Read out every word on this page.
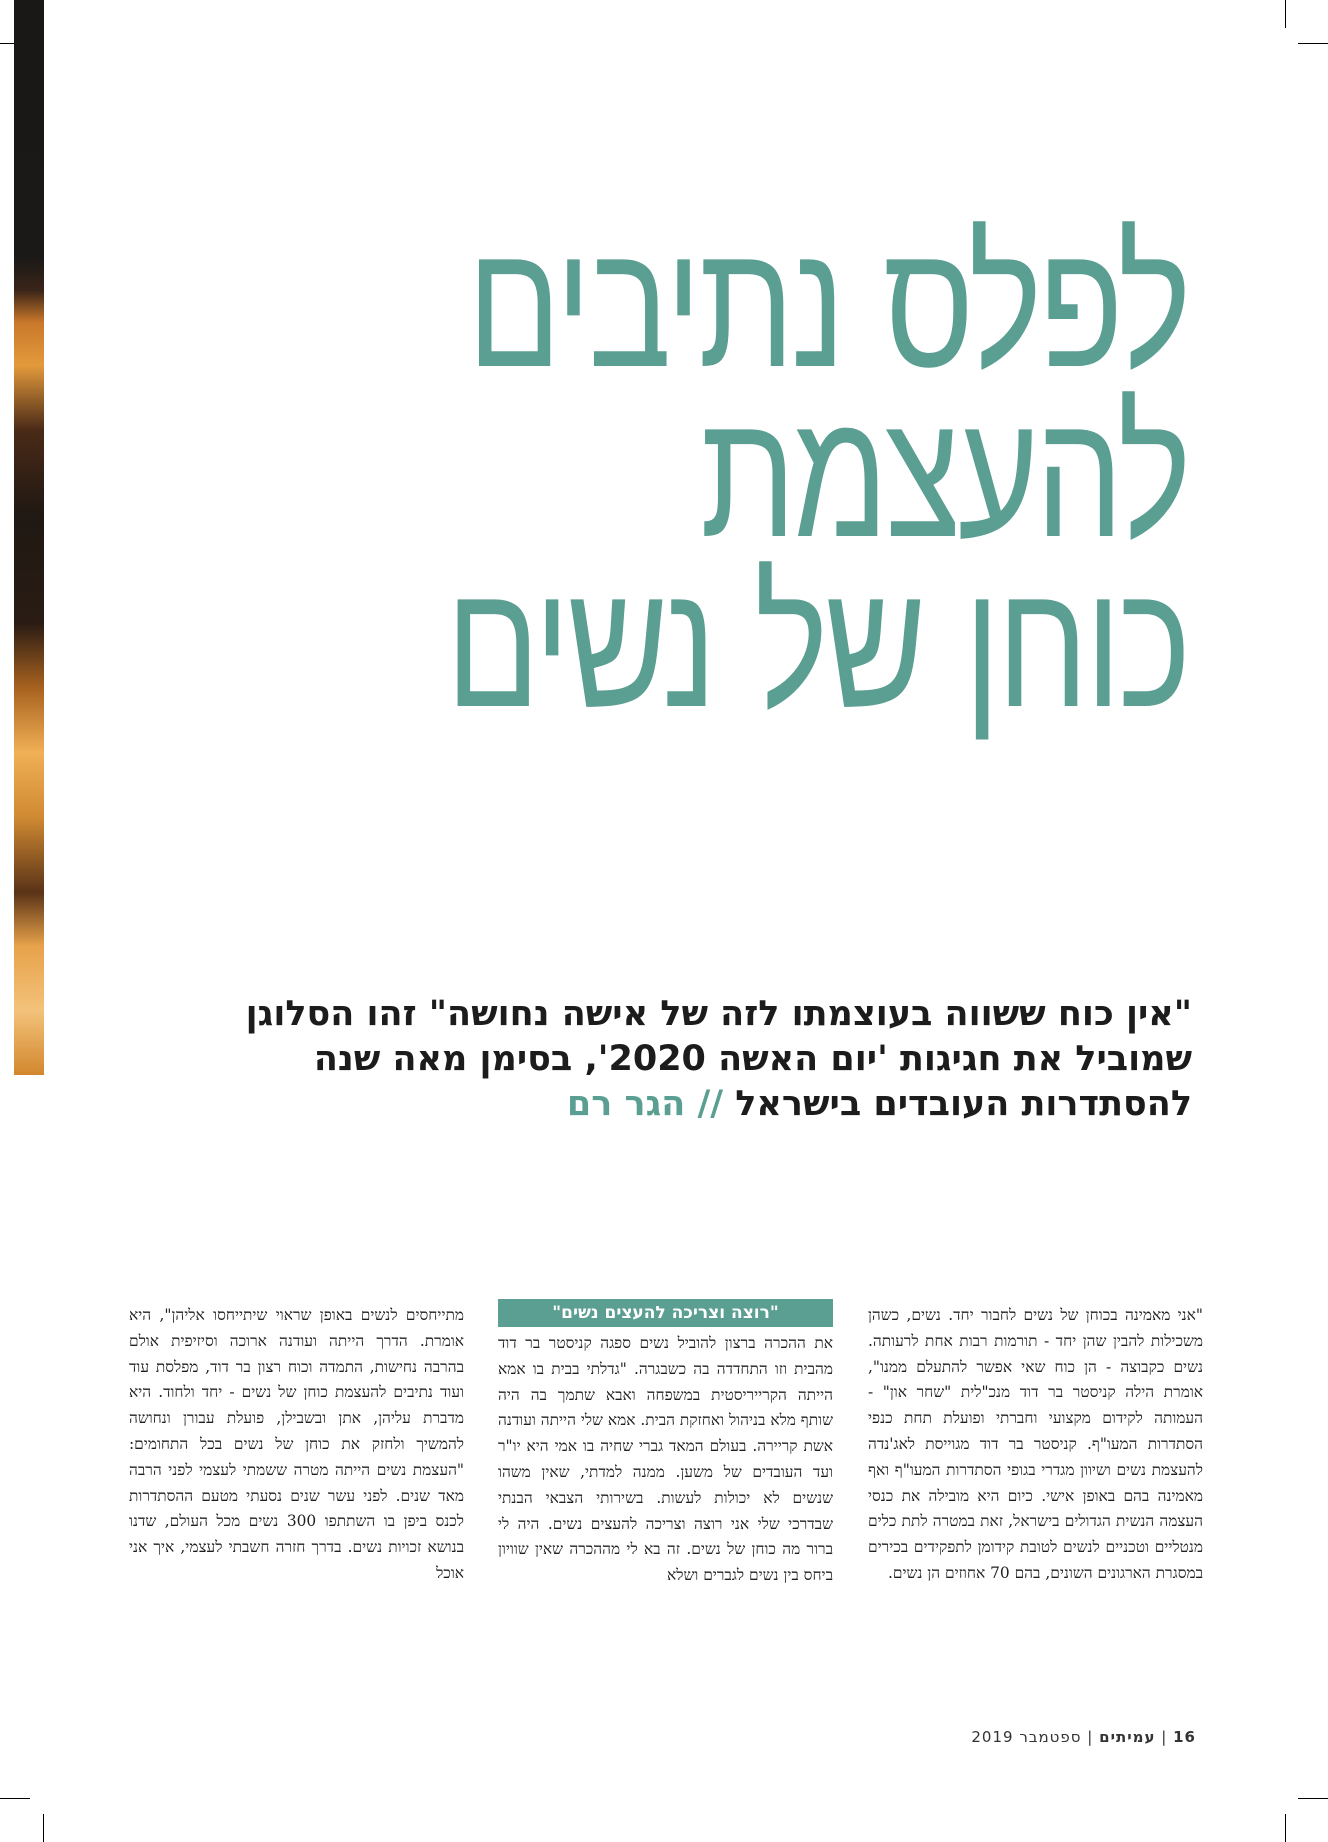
לפלס נתיבים
להעצמת
כוחן של נשים
"אין כוח ששווה בעוצמתו לזה של אישה נחושה" זהו הסלוגן
שמוביל את חגיגות 'יום האשה 2020', בסימן מאה שנה
להסתדרות העובדים בישראל // הגר רם

"אני מאמינה בכוחן של נשים לחבור יחד. נשים, כשהן משכילות להבין שהן יחד - תורמות רבות אחת לרעותה. נשים כקבוצה - הן כוח שאי אפשר להתעלם ממנו", אומרת הילה קניסטר בר דוד מנכ"לית "שחר און" - העמותה לקידום מקצועי וחברתי ופועלת תחת כנפי הסתדרות המעו"ף. קניסטר בר דוד מגוייסת לאג'נדה להעצמת נשים ושיוון מגדרי בגופי הסתדרות המעו"ף ואף מאמינה בהם באופן אישי. כיום היא מובילה את כנסי העצמה הנשית הגדולים בישראל, זאת במטרה לתת כלים מנטליים וטכניים לנשים לטובת קידומן לתפקידים בכירים במסגרת הארגונים השונים, בהם 70 אחוזים הן נשים.

"רוצה וצריכה להעצים נשים"

את ההכרה ברצון להוביל נשים ספגה קניסטר בר דוד מהבית וזו התחדדה בה כשבגרה. "גדלתי בבית בו אמא הייתה הקרייריסטית במשפחה ואבא שתמך בה היה שותף מלא בניהול ואחזקת הבית. אמא שלי הייתה ועודנה אשת קריירה. בעולם המאד גברי שחיה בו אמי היא יו"ר ועד העובדים של משען. ממנה למדתי, שאין משהו שנשים לא יכולות לעשות. בשירותי הצבאי הבנתי שבדרכי שלי אני רוצה וצריכה להעצים נשים. היה לי ברור מה כוחן של נשים. זה בא לי מההכרה שאין שוויון ביחס בין נשים לגברים ושלא

מתייחסים לנשים באופן שראוי שיתייחסו אליהן", היא אומרת. הדרך הייתה ועודנה ארוכה וסיזיפית אולם בהרבה נחישות, התמדה וכוח רצון בר דוד, מפלסת עוד ועוד נתיבים להעצמת כוחן של נשים - יחד ולחוד. היא מדברת עליהן, אתן ובשבילן, פועלת עבורן ונחושה להמשיך ולחזק את כוחן של נשים בכל התחומים: "העצמת נשים הייתה מטרה ששמתי לעצמי לפני הרבה מאד שנים. לפני עשר שנים נסעתי מטעם ההסתדרות לכנס ביפן בו השתתפו 300 נשים מכל העולם, שדנו בנושא זכויות נשים. בדרך חזרה חשבתי לעצמי, איך אני אוכל

16 | עמיתים | ספטמבר 2019
